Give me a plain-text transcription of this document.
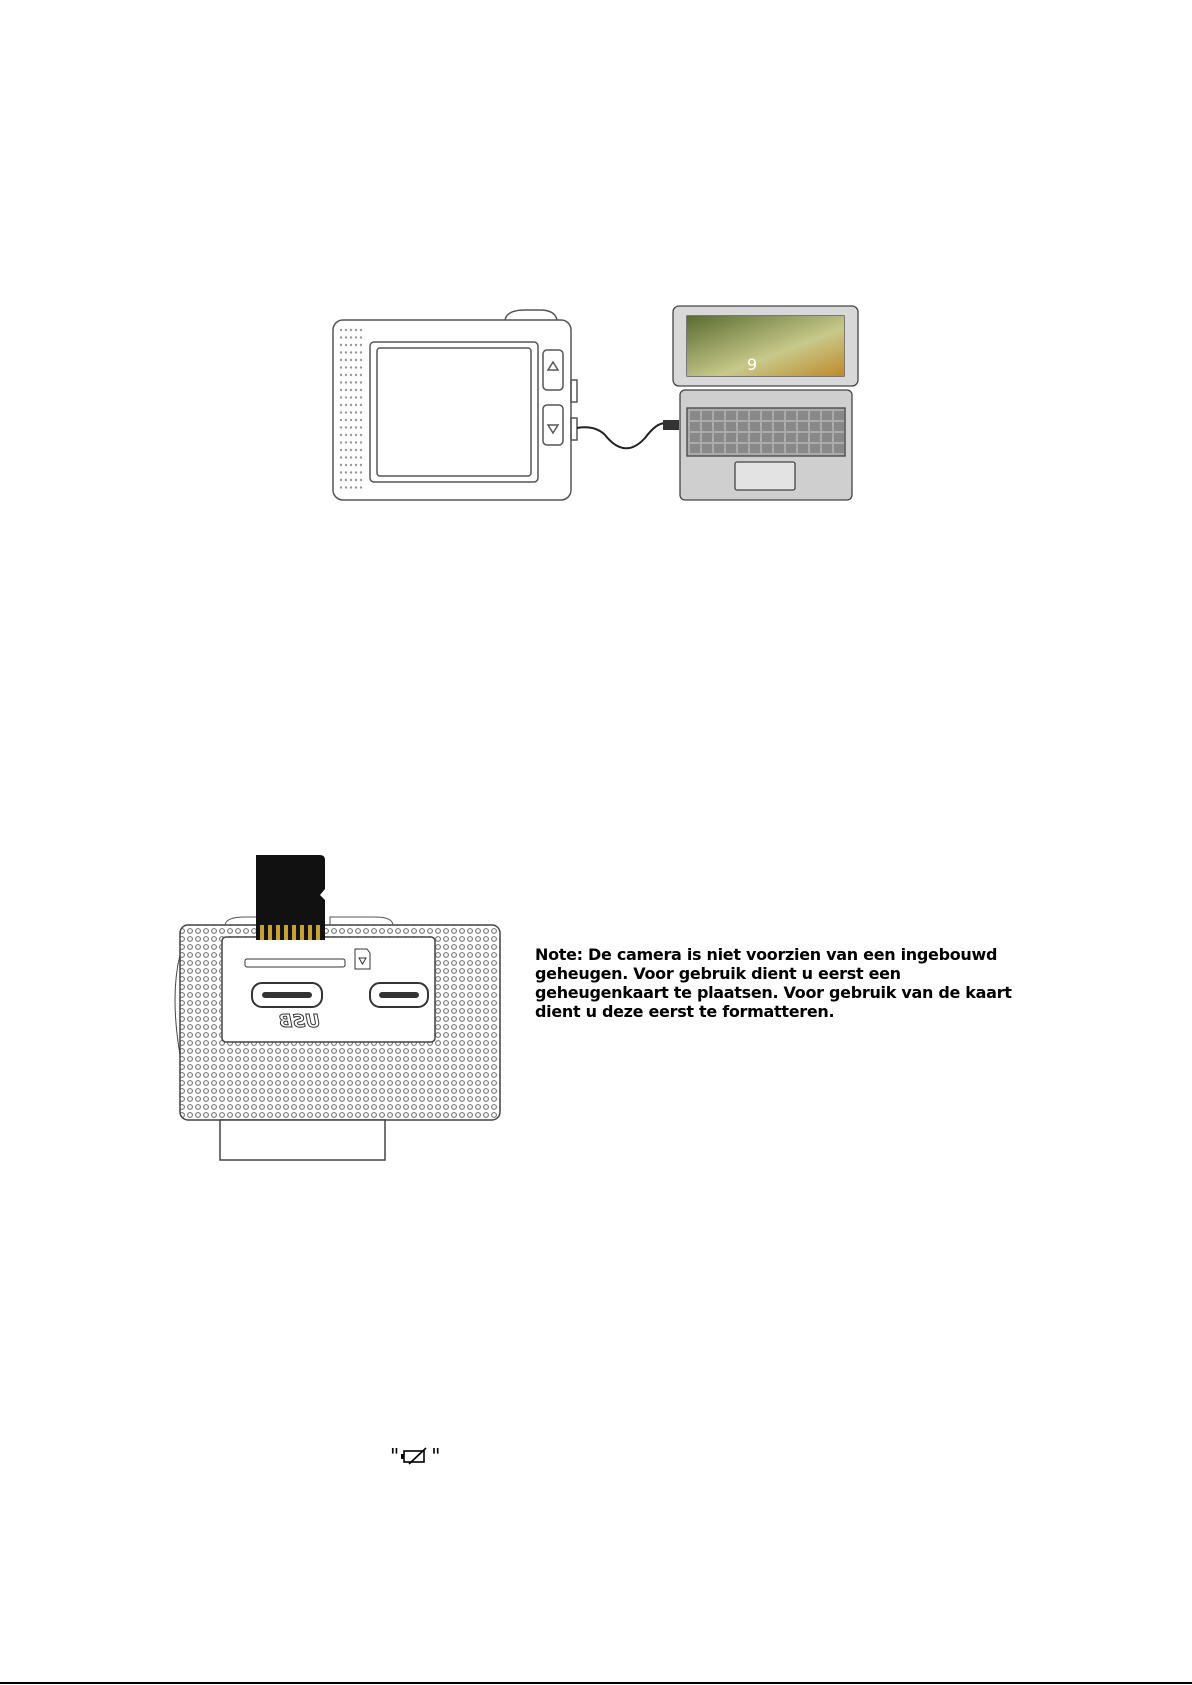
9
USB
Note: De camera is niet voorzien van een ingebouwd
geheugen. Voor gebruik dient u eerst een
geheugenkaart te plaatsen. Voor gebruik van de kaart
dient u deze eerst te formatteren.
" "
